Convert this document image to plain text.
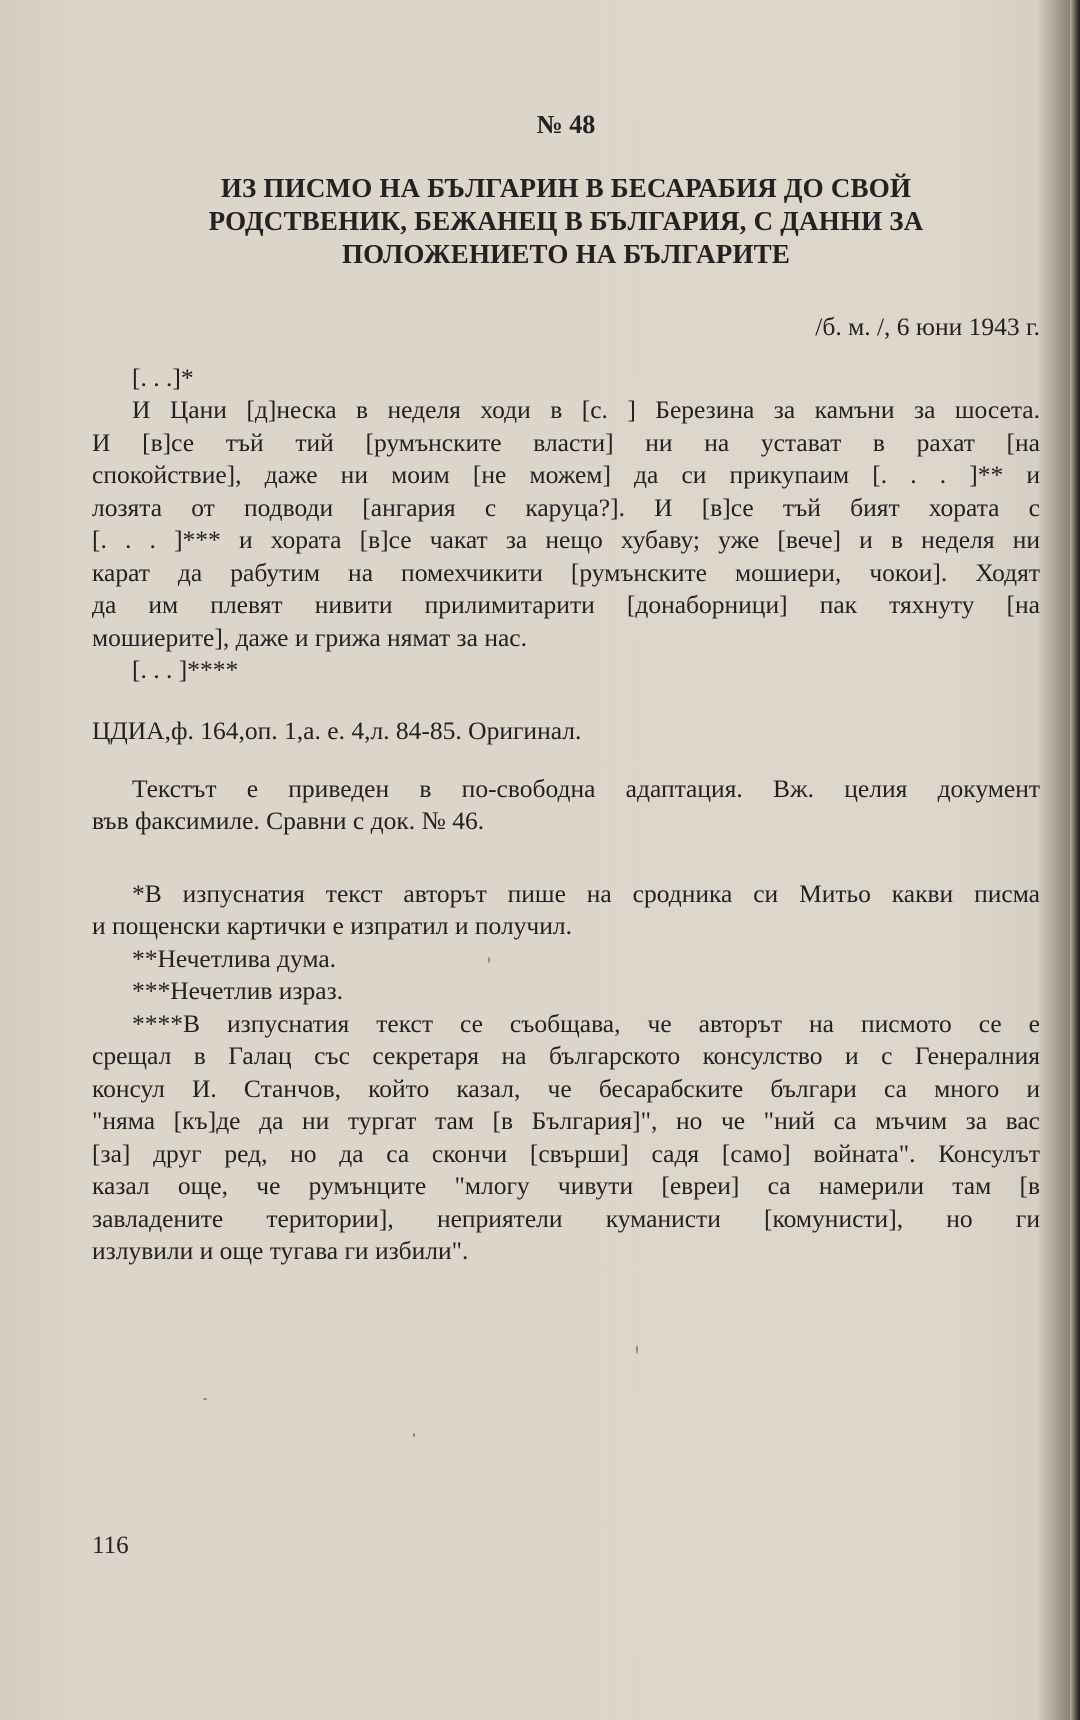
№ 48
ИЗ ПИСМО НА БЪЛГАРИН В БЕСАРАБИЯ ДО СВОЙ
РОДСТВЕНИК, БЕЖАНЕЦ В БЪЛГАРИЯ, С ДАННИ ЗА
ПОЛОЖЕНИЕТО НА БЪЛГАРИТЕ
/б. м. /, 6 юни 1943 г.

[. . .]*

И Цани [д]неска в неделя ходи в [с. ] Березина за камъни за шосета.
И [в]се тъй тий [румънските власти] ни на устават в рахат [на
спокойствие], даже ни моим [не можем] да си прикупаим [. . . ]** и
лозята от подводи [ангария с каруца?]. И [в]се тъй бият хората с
[. . . ]*** и хората [в]се чакат за нещо хубаву; уже [вече] и в неделя ни
карат да рабутим на помехчикити [румънските мошиери, чокои]. Ходят
да им плевят нивити прилимитарити [донаборници] пак тяхнуту [на
мошиерите], даже и грижа нямат за нас.

[. . . ]****

ЦДИА,ф. 164,оп. 1,а. е. 4,л. 84-85. Оригинал.

Текстът е приведен в по-свободна адаптация. Вж. целия документ
във факсимиле. Сравни с док. № 46.
*В изпуснатия текст авторът пише на сродника си Митьо какви писма
и пощенски картички е изпратил и получил.

**Нечетлива дума.

***Нечетлив израз.

****В изпуснатия текст се съобщава, че авторът на писмото се е
срещал в Галац със секретаря на българското консулство и с Генералния
консул И. Станчов, който казал, че бесарабските българи са много и
"няма [къ]де да ни тургат там [в България]", но че "ний са мъчим за вас
[за] друг ред, но да са скончи [свърши] садя [само] войната". Консулът
казал още, че румънците "млогу чивути [евреи] са намерили там [в
завладените територии], неприятели куманисти [комунисти], но ги
излувили и още тугава ги избили".
116
